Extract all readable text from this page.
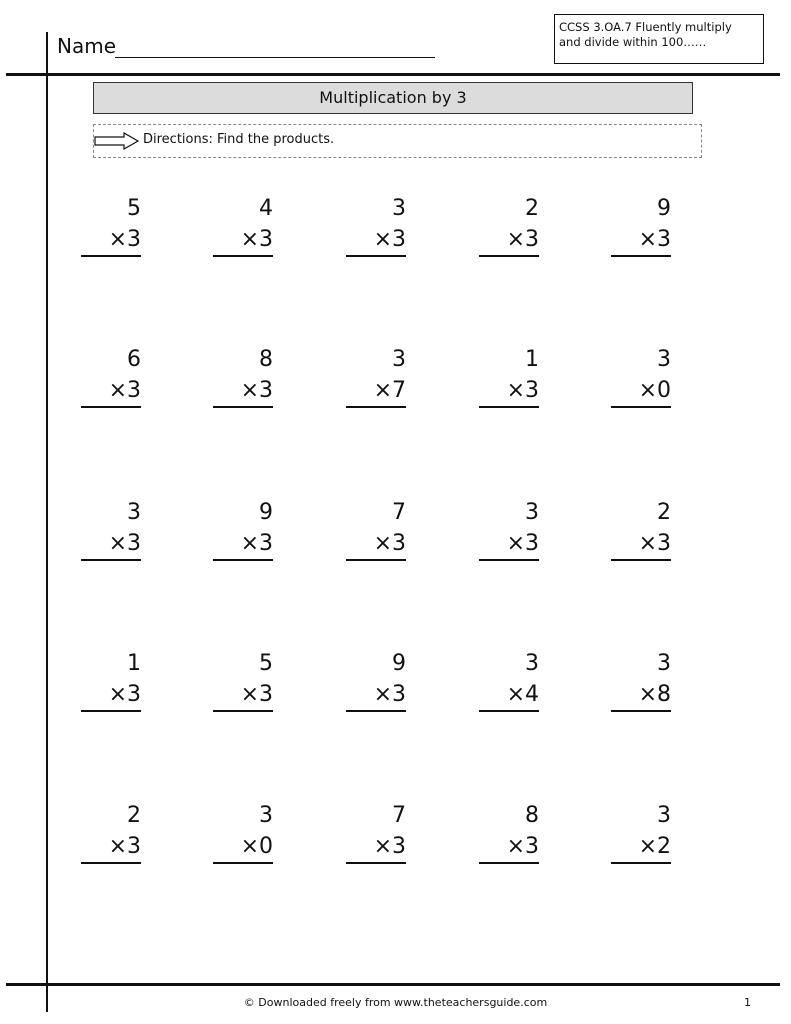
Name
CCSS 3.OA.7 Fluently multiply
and divide within 100……
Multiplication by 3
Directions: Find the products.
5
×3
4
×3
3
×3
2
×3
9
×3
6
×3
8
×3
3
×7
1
×3
3
×0
3
×3
9
×3
7
×3
3
×3
2
×3
1
×3
5
×3
9
×3
3
×4
3
×8
2
×3
3
×0
7
×3
8
×3
3
×2
© Downloaded freely from www.theteachersguide.com	1
